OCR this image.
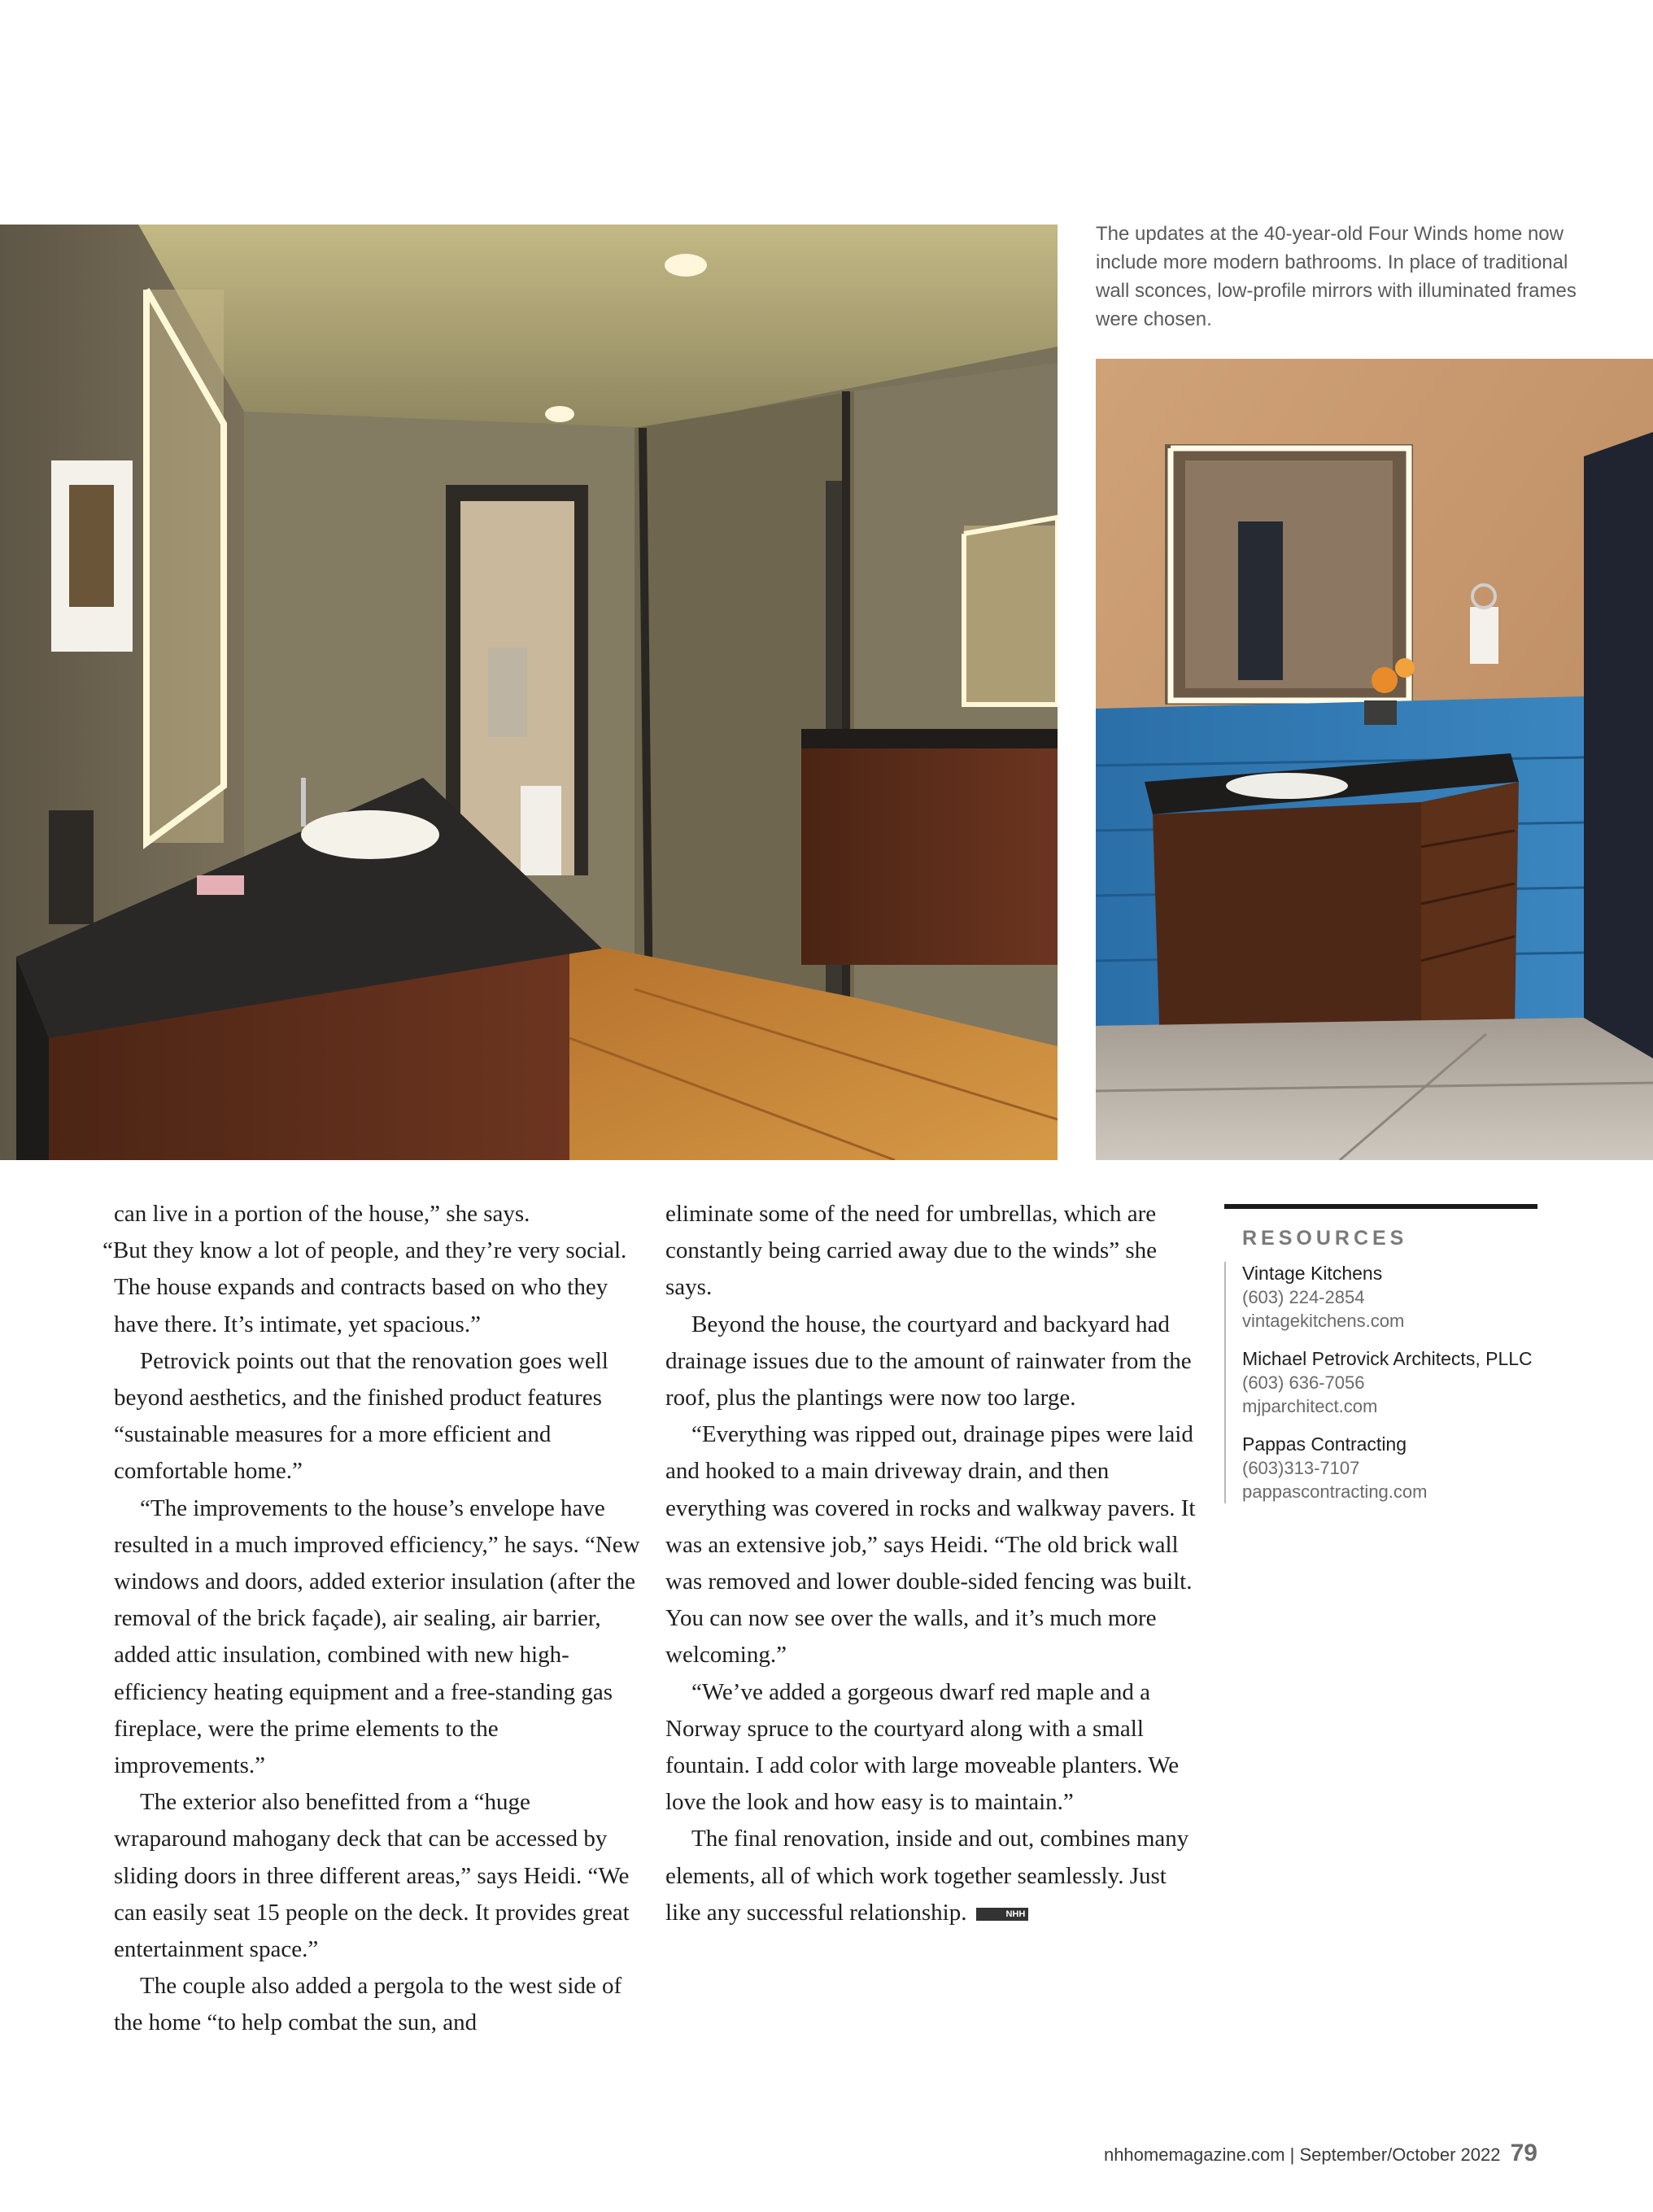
The updates at the 40-year-old Four Winds home now include more modern bathrooms. In place of traditional wall sconces, low-profile mirrors with illuminated frames were chosen.

can live in a portion of the house,” she says.

“But they know a lot of people, and they’re very social. The house expands and contracts based on who they have there. It’s intimate, yet spacious.”

Petrovick points out that the renovation goes well beyond aesthetics, and the finished product features “sustainable measures for a more efficient and comfortable home.”

“The improvements to the house’s envelope have resulted in a much improved efficiency,” he says. “New windows and doors, added exterior insulation (after the removal of the brick façade), air sealing, air barrier, added attic insulation, combined with new high-efficiency heating equipment and a free-standing gas fireplace, were the prime elements to the improvements.”

The exterior also benefitted from a “huge wraparound mahogany deck that can be accessed by sliding doors in three different areas,” says Heidi. “We can easily seat 15 people on the deck. It provides great entertainment space.”

The couple also added a pergola to the west side of the home “to help combat the sun, and

eliminate some of the need for umbrellas, which are constantly being carried away due to the winds” she says.

Beyond the house, the courtyard and backyard had drainage issues due to the amount of rainwater from the roof, plus the plantings were now too large.

“Everything was ripped out, drainage pipes were laid and hooked to a main driveway drain, and then everything was covered in rocks and walkway pavers. It was an extensive job,” says Heidi. “The old brick wall was removed and lower double-sided fencing was built. You can now see over the walls, and it’s much more welcoming.”

“We’ve added a gorgeous dwarf red maple and a Norway spruce to the courtyard along with a small fountain. I add color with large moveable planters. We love the look and how easy is to maintain.”

The final renovation, inside and out, combines many elements, all of which work together seamlessly. Just like any successful relationship.	NHH

RESOURCES
Vintage Kitchens
(603) 224-2854
vintagekitchens.com
Michael Petrovick Architects, PLLC
(603) 636-7056
mjparchitect.com
Pappas Contracting
(603)313-7107
pappascontracting.com
nhhomemagazine.com | September/October 2022 79
